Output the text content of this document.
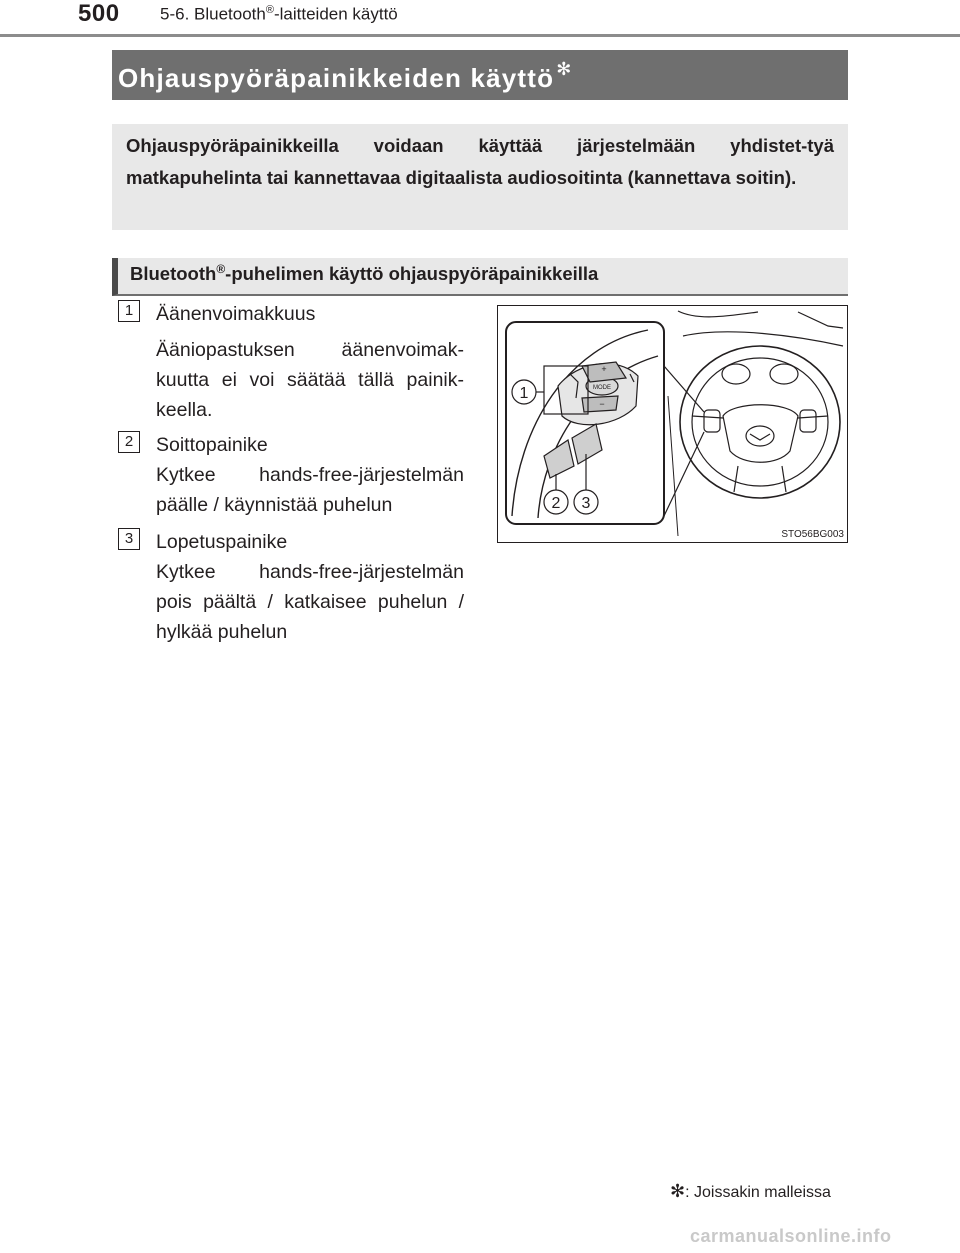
500 5-6. Bluetooth®-laitteiden käyttö
Ohjauspyöräpainikkeiden käyttö ✻
Ohjauspyöräpainikkeilla voidaan käyttää järjestelmään yhdistet-tyä matkapuhelinta tai kannettavaa digitaalista audiosoitinta (kannettava soitin).
Bluetooth®-puhelimen käyttö ohjauspyöräpainikkeilla
1	Äänenvoimakkuus
Ääniopastuksen äänenvoimak-kuutta ei voi säätää tällä painik-keella.
2	Soittopainike
Kytkee hands-free-järjestelmän päälle / käynnistää puhelun
3	Lopetuspainike
Kytkee hands-free-järjestelmän pois päältä / katkaisee puhelun / hylkää puhelun
MODE
+
−
1
2 3
STO56BG003
✻: Joissakin malleissa
carmanualsonline.info
